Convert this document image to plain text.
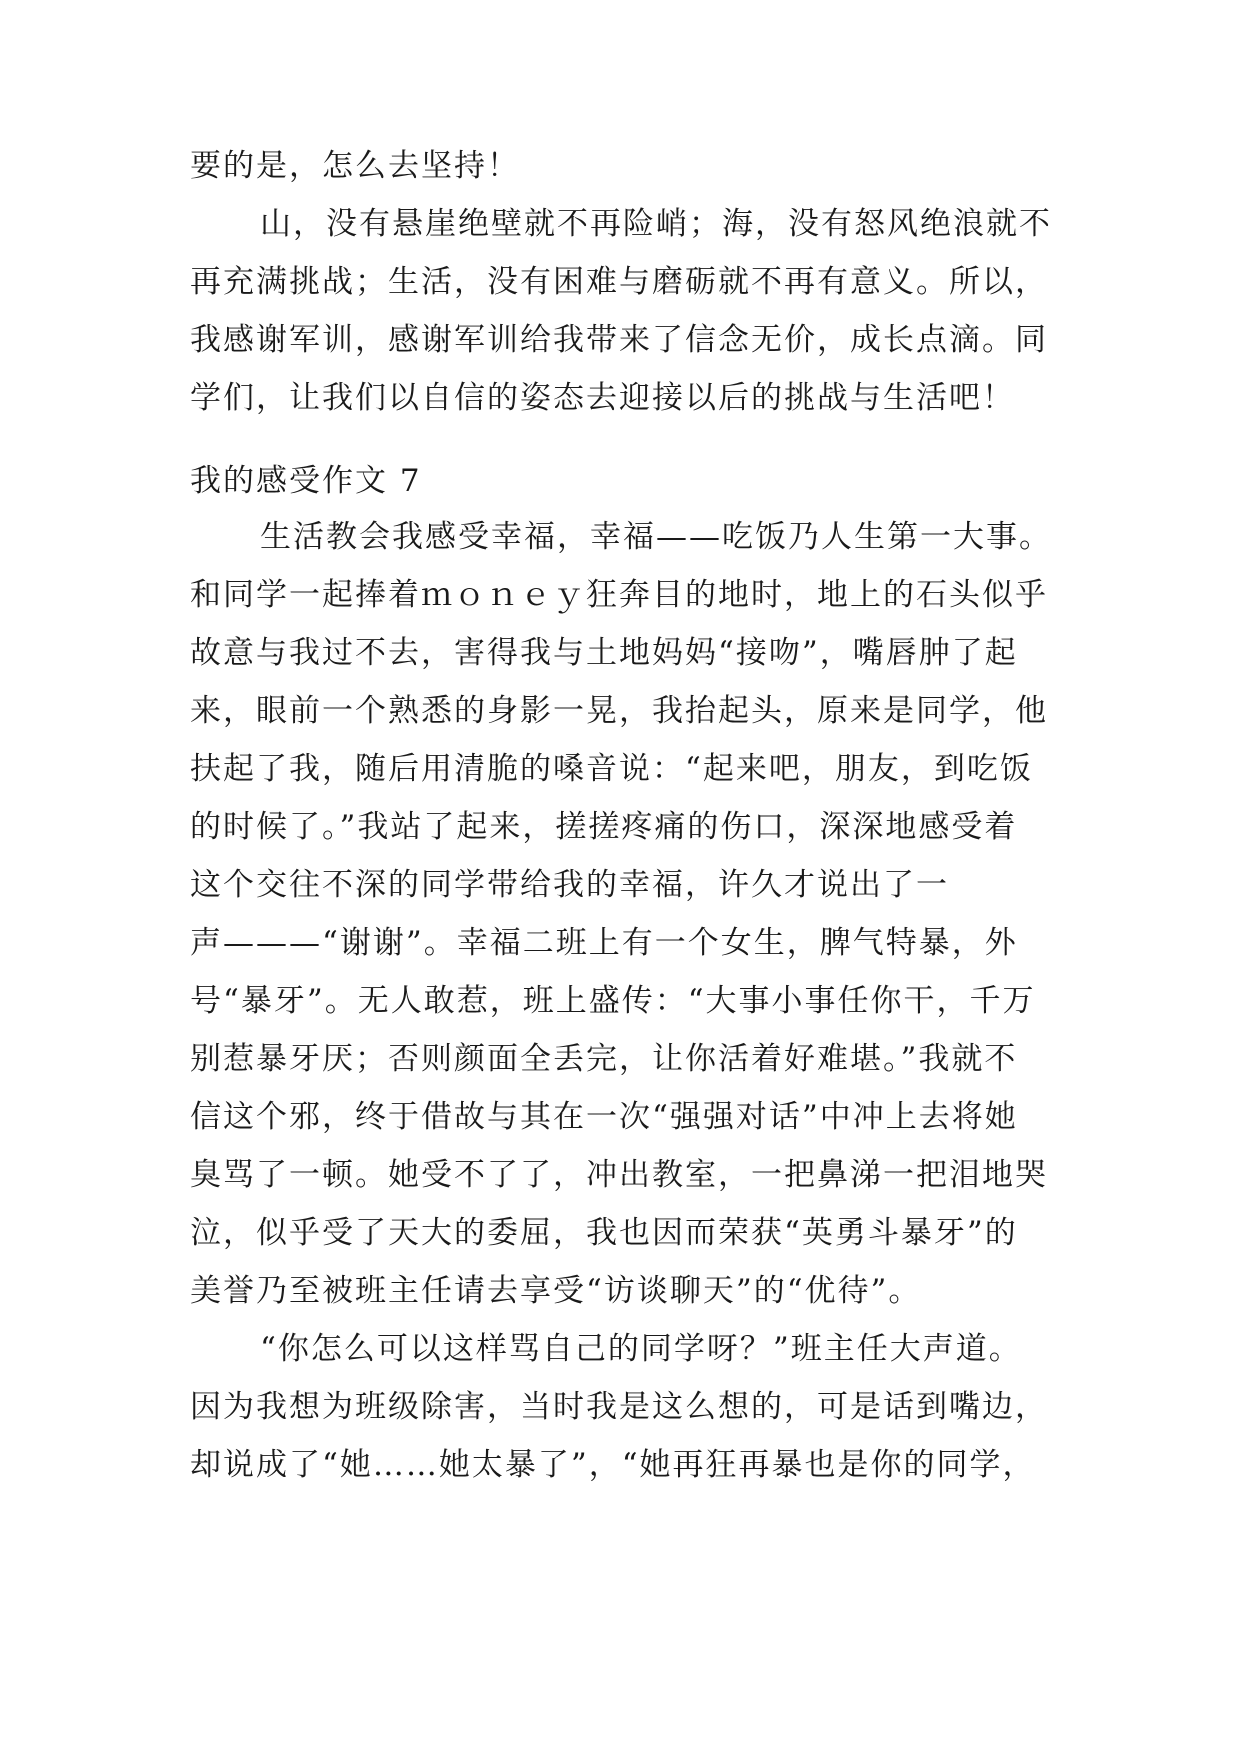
要的是，怎么去坚持！
山，没有悬崖绝壁就不再险峭；海，没有怒风绝浪就不
再充满挑战；生活，没有困难与磨砺就不再有意义。所以，
我感谢军训，感谢军训给我带来了信念无价，成长点滴。同
学们，让我们以自信的姿态去迎接以后的挑战与生活吧！
我的感受作文 7
生活教会我感受幸福，幸福——吃饭乃人生第一大事。
和同学一起捧着ｍｏｎｅｙ狂奔目的地时，地上的石头似乎
故意与我过不去，害得我与土地妈妈“接吻”，嘴唇肿了起
来，眼前一个熟悉的身影一晃，我抬起头，原来是同学，他
扶起了我，随后用清脆的嗓音说：“起来吧，朋友，到吃饭
的时候了。”我站了起来，搓搓疼痛的伤口，深深地感受着
这个交往不深的同学带给我的幸福，许久才说出了一
声———“谢谢”。幸福二班上有一个女生，脾气特暴，外
号“暴牙”。无人敢惹，班上盛传：“大事小事任你干，千万
别惹暴牙厌；否则颜面全丢完，让你活着好难堪。”我就不
信这个邪，终于借故与其在一次“强强对话”中冲上去将她
臭骂了一顿。她受不了了，冲出教室，一把鼻涕一把泪地哭
泣，似乎受了天大的委屈，我也因而荣获“英勇斗暴牙”的
美誉乃至被班主任请去享受“访谈聊天”的“优待”。
“你怎么可以这样骂自己的同学呀？”班主任大声道。
因为我想为班级除害，当时我是这么想的，可是话到嘴边，
却说成了“她……她太暴了”，“她再狂再暴也是你的同学，
